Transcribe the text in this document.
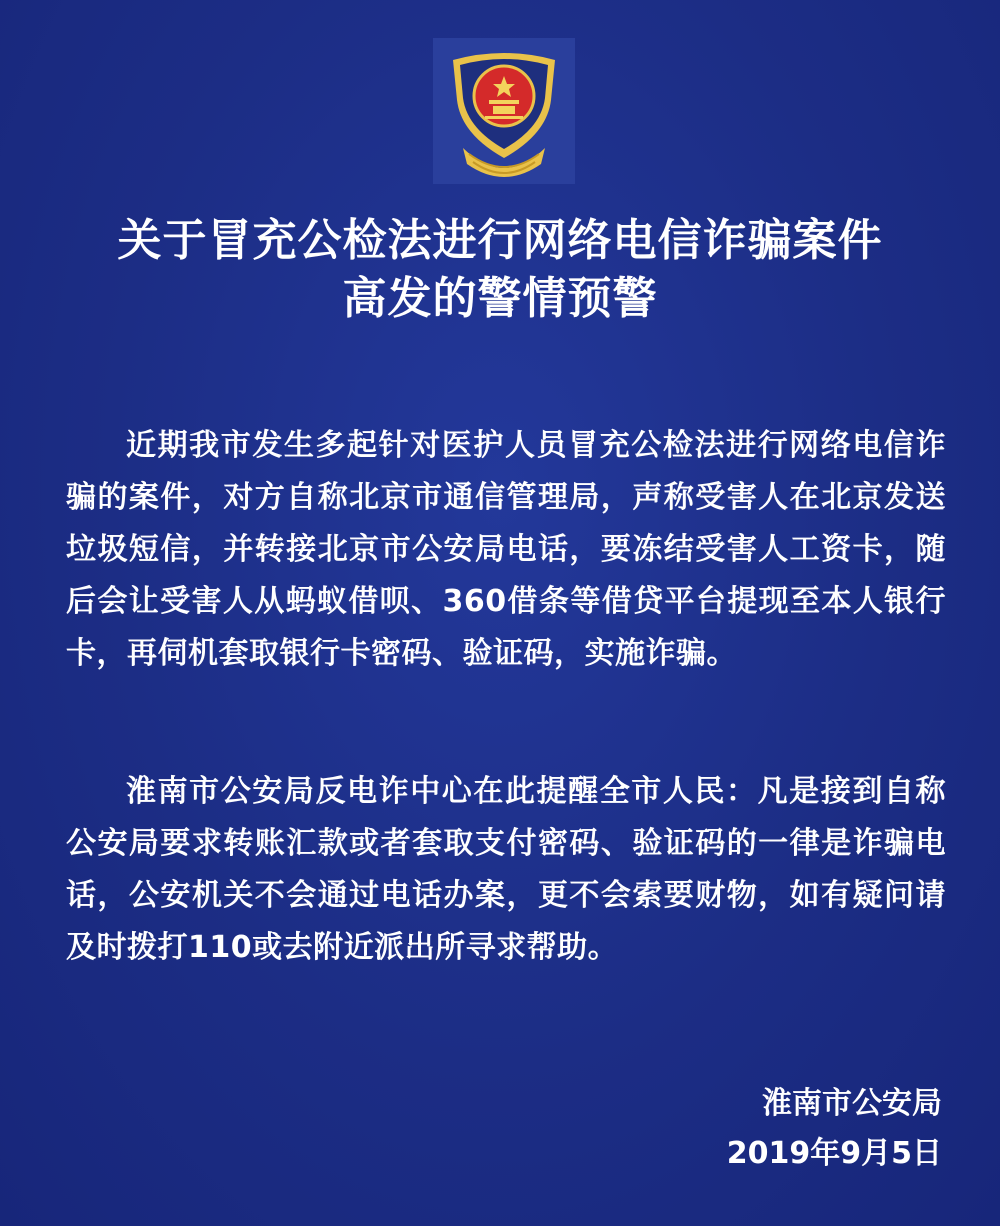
关于冒充公检法进行网络电信诈骗案件
高发的警情预警
近期我市发生多起针对医护人员冒充公检法进行网络电信诈骗的案件，对方自称北京市通信管理局，声称受害人在北京发送垃圾短信，并转接北京市公安局电话，要冻结受害人工资卡，随后会让受害人从蚂蚁借呗、360借条等借贷平台提现至本人银行卡，再伺机套取银行卡密码、验证码，实施诈骗。
淮南市公安局反电诈中心在此提醒全市人民：凡是接到自称公安局要求转账汇款或者套取支付密码、验证码的一律是诈骗电话，公安机关不会通过电话办案，更不会索要财物，如有疑问请及时拨打110或去附近派出所寻求帮助。
淮南市公安局
2019年9月5日
